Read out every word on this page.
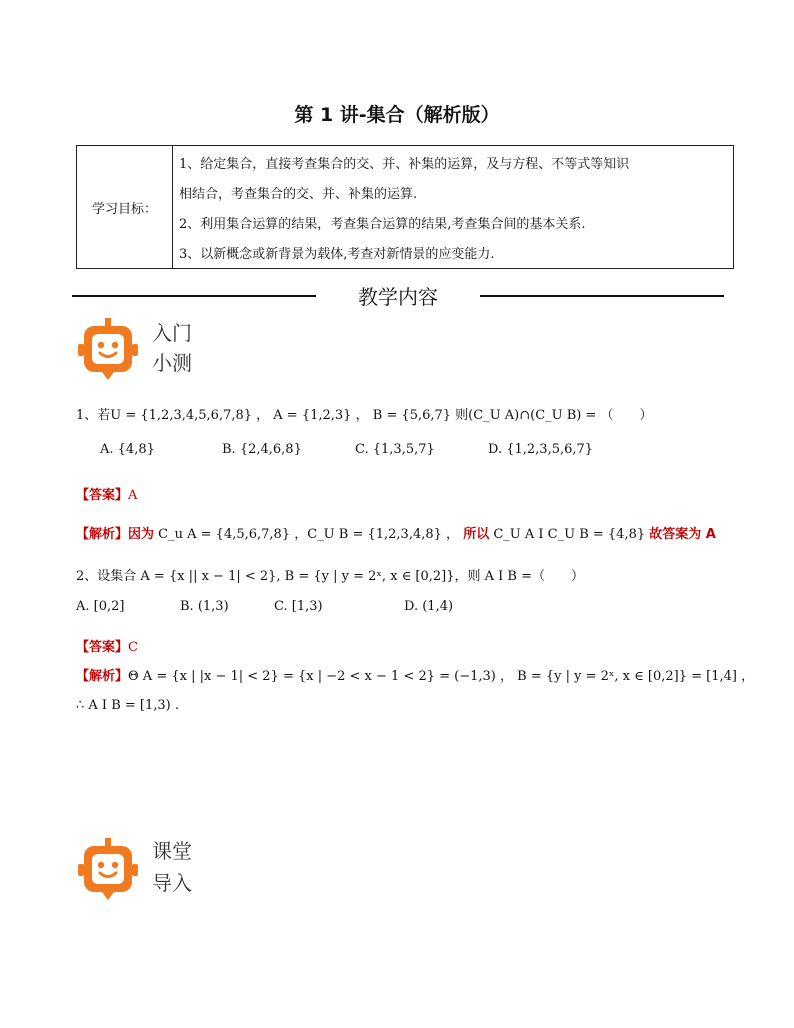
第 1 讲-集合（解析版）
学习目标：
1、给定集合，直接考查集合的交、并、补集的运算，及与方程、不等式等知识
相结合，考查集合的交、并、补集的运算.
2、利用集合运算的结果，考查集合运算的结果,考查集合间的基本关系.
3、以新概念或新背景为载体,考查对新情景的应变能力.
教学内容
入门
小测
1、若U = {1,2,3,4,5,6,7,8} ， A = {1,2,3} ， B = {5,6,7} 则(C_U A)∩(C_U B) = （　　）
A. {4,8}	B. {2,4,6,8}	C. {1,3,5,7}	D. {1,2,3,5,6,7}
【答案】A
【解析】因为 C_u A = {4,5,6,7,8} ，C_U B = {1,2,3,4,8} ， 所以 C_U A I C_U B = {4,8} 故答案为 A
2、设集合 A = {x || x − 1| < 2}, B = {y | y = 2ˣ, x ∈ [0,2]}，则 A I B =（　　）
A. [0,2]	B. (1,3)	C. [1,3)	D. (1,4)
【答案】C
【解析】Θ A = {x | |x − 1| < 2} = {x | −2 < x − 1 < 2} = (−1,3) ， B = {y | y = 2ˣ, x ∈ [0,2]} = [1,4] ，
∴ A I B = [1,3) .
课堂
导入
